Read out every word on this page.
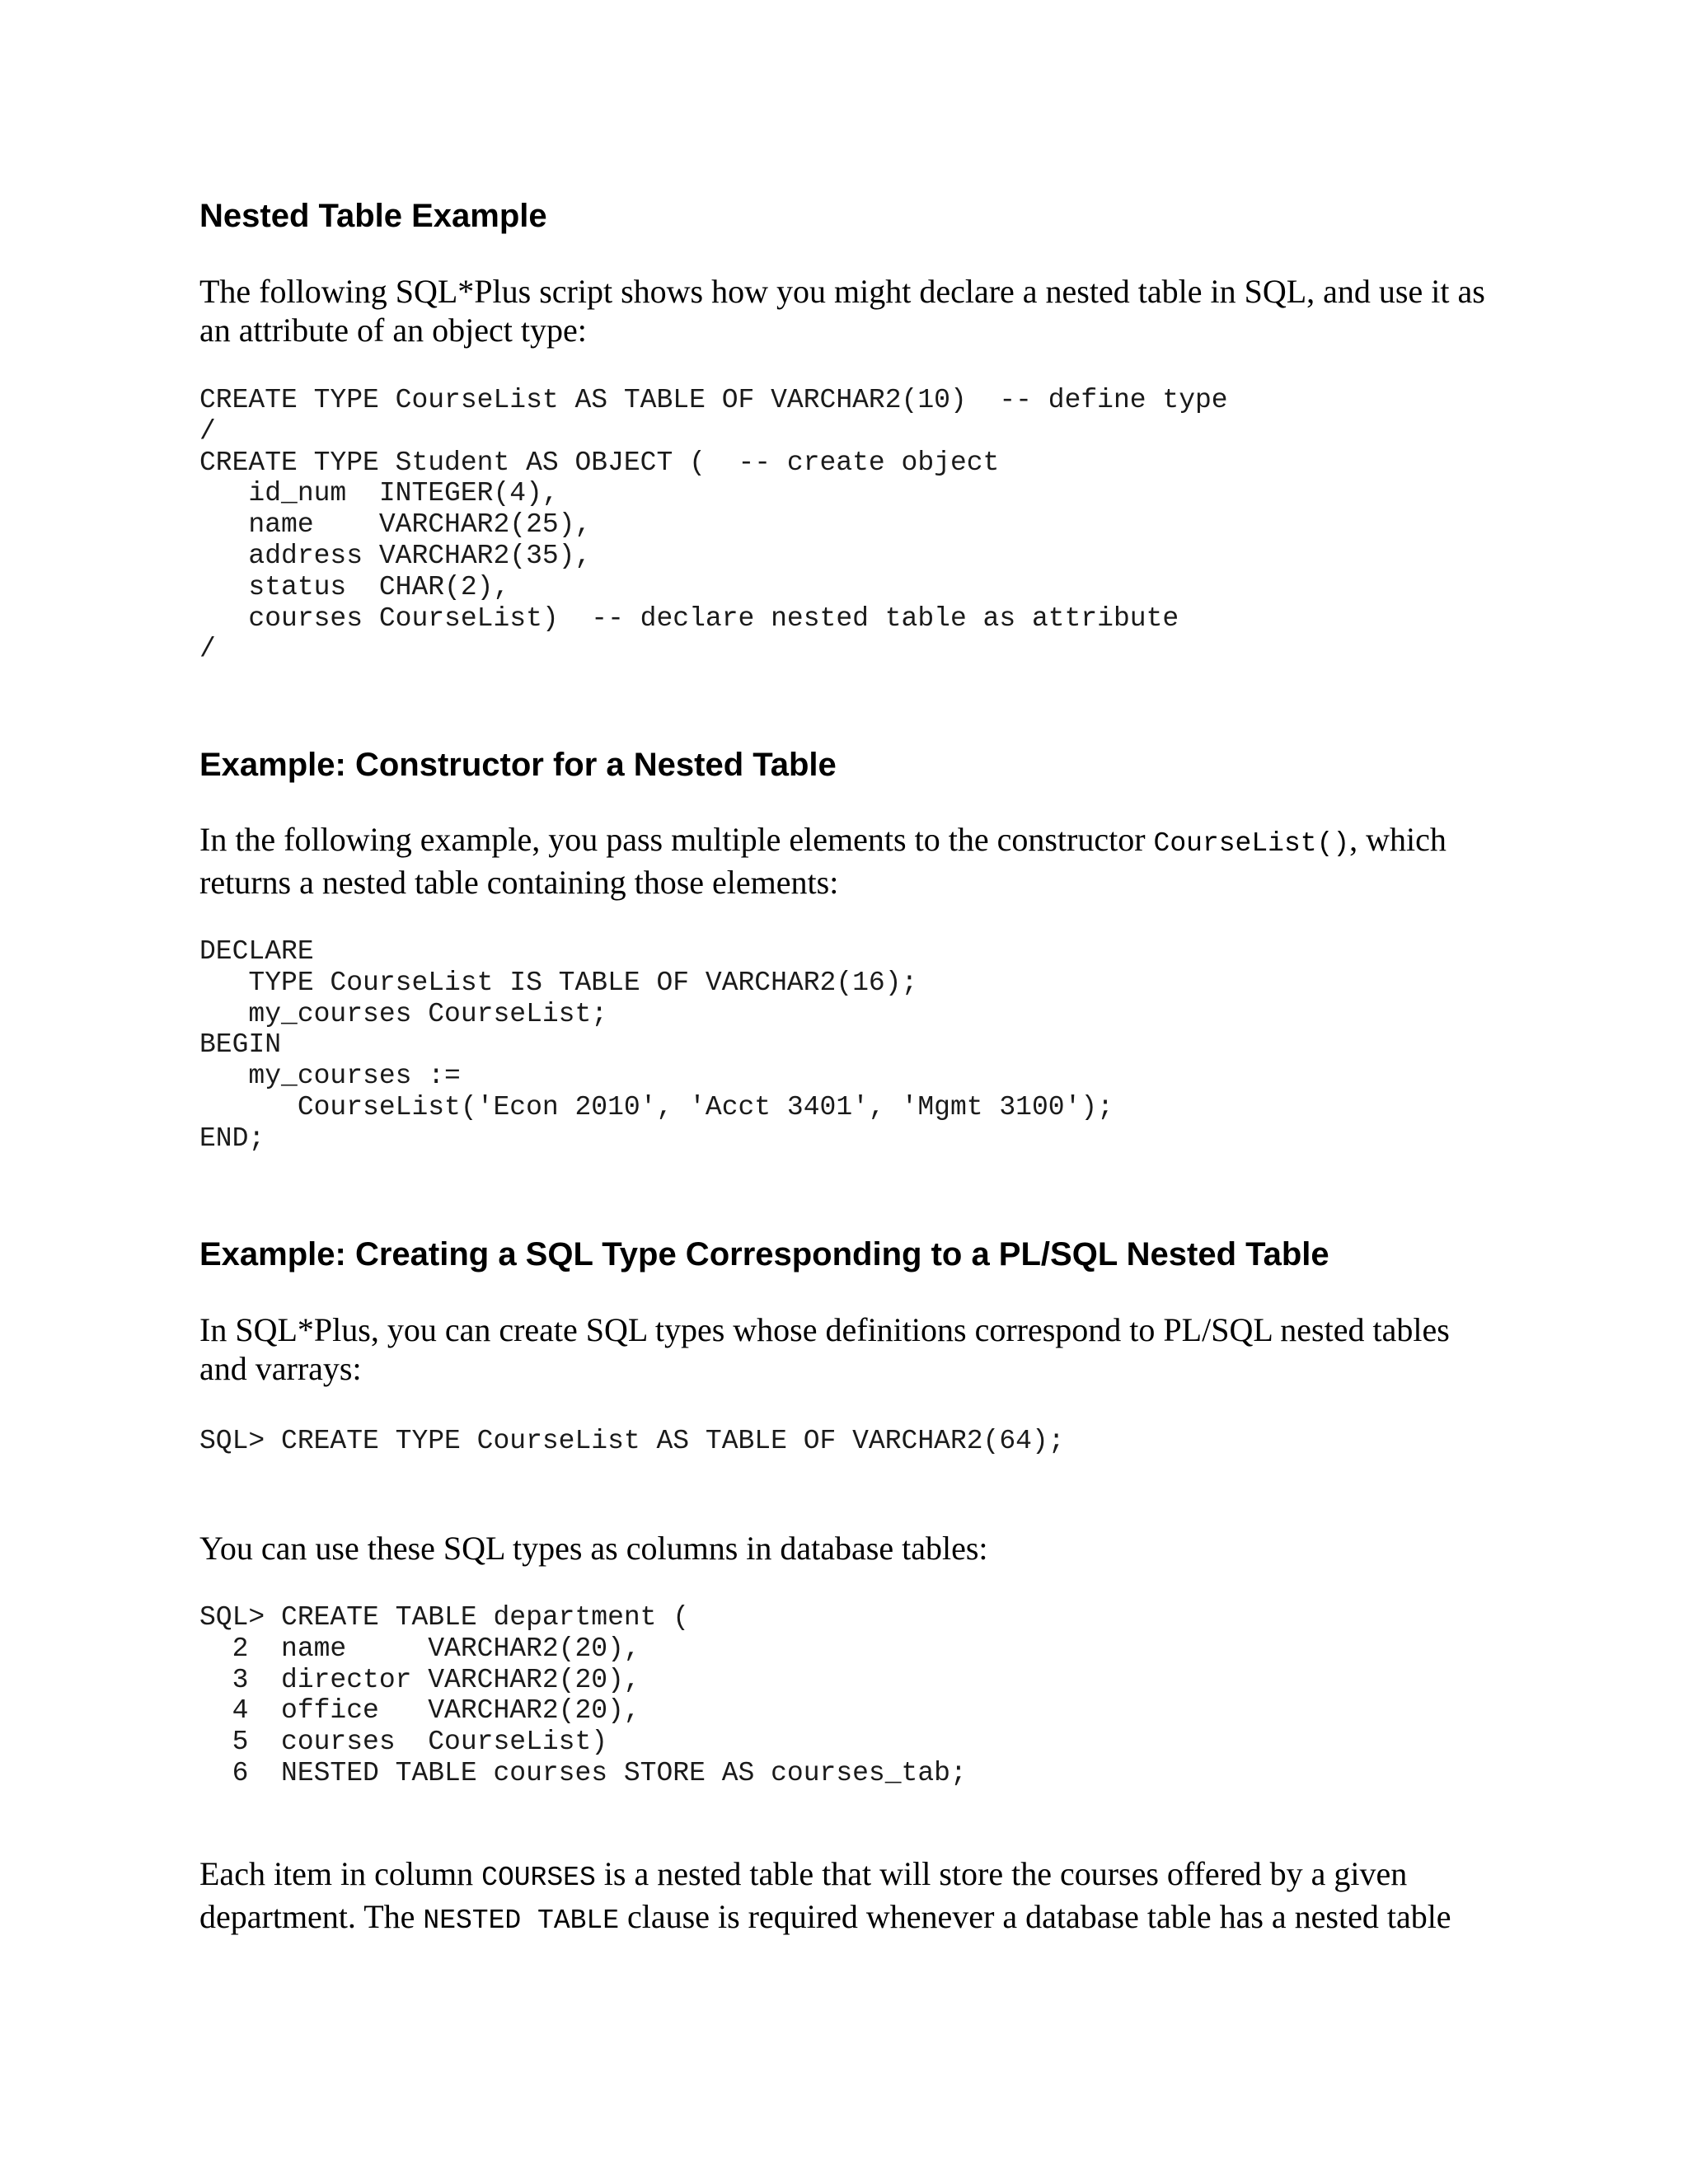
Nested Table Example

The following SQL*Plus script shows how you might declare a nested table in SQL, and use it as
an attribute of an object type:

CREATE TYPE CourseList AS TABLE OF VARCHAR2(10)  -- define type
/
CREATE TYPE Student AS OBJECT (  -- create object
id_num  INTEGER(4),
name    VARCHAR2(25),
address VARCHAR2(35),
status  CHAR(2),
courses CourseList)  -- declare nested table as attribute
/
Example: Constructor for a Nested Table

In the following example, you pass multiple elements to the constructor CourseList(), which
returns a nested table containing those elements:

DECLARE
TYPE CourseList IS TABLE OF VARCHAR2(16);
my_courses CourseList;
BEGIN
my_courses :=
CourseList('Econ 2010', 'Acct 3401', 'Mgmt 3100');
END;
Example: Creating a SQL Type Corresponding to a PL/SQL Nested Table

In SQL*Plus, you can create SQL types whose definitions correspond to PL/SQL nested tables
and varrays:

SQL> CREATE TYPE CourseList AS TABLE OF VARCHAR2(64);

You can use these SQL types as columns in database tables:

SQL> CREATE TABLE department (
2  name     VARCHAR2(20),
3  director VARCHAR2(20),
4  office   VARCHAR2(20),
5  courses  CourseList)
6  NESTED TABLE courses STORE AS courses_tab;

Each item in column COURSES is a nested table that will store the courses offered by a given
department. The NESTED TABLE clause is required whenever a database table has a nested table
